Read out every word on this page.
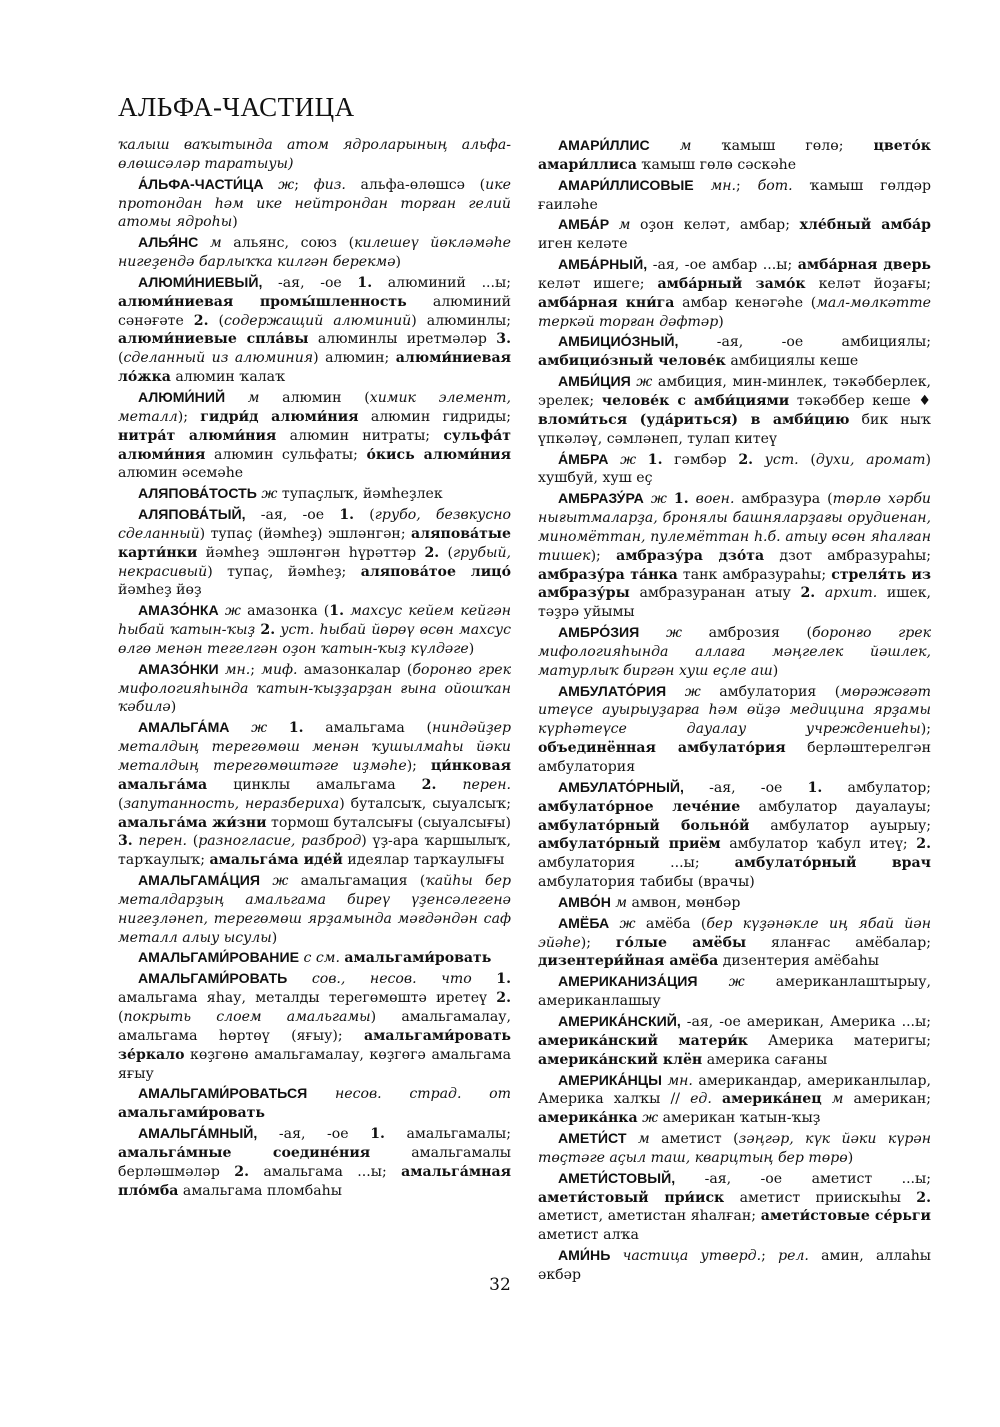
АЛЬФА-ЧАСТИЦА

ҡалыш ваҡытында атом ядроларының альфа-өлөшсәләр таратыуы)

А́ЛЬФА-ЧАСТИ́ЦА ж; физ. альфа-өлөшсә (ике протондан һәм ике нейтрондан торған гелий атомы ядроһы)

АЛЬЯ́НС м альянс, союз (килешеү йөкләмәһе нигеҙендә барлыҡҡа килгән берекмә)

АЛЮМИ́НИЕВЫЙ, -ая, -ое 1. алюминий ...ы; алюми́ниевая промы́шленность алюминий сәнәғәте 2. (содержащий алюминий) алюминлы; алюми́ниевые спла́вы алюминлы иретмәләр 3. (сделанный из алюминия) алюмин; алюми́ниевая ло́жка алюмин ҡалаҡ

АЛЮМИ́НИЙ м алюмин (химик элемент, металл); гидри́д алюми́ния алюмин гидриды; нитра́т алюми́ния алюмин нитраты; сульфа́т алюми́ния алюмин сульфаты; о́кись алюми́ния алюмин әсемәһе

АЛЯПОВА́ТОСТЬ ж тупаҫлыҡ, йәмһеҙлек

АЛЯПОВА́ТЫЙ, -ая, -ое 1. (грубо, безвкусно сделанный) тупаҫ (йәмһеҙ) эшләнгән; аляпова́тые карти́нки йәмһеҙ эшләнгән һүрәттәр 2. (грубый, некрасивый) тупаҫ, йәмһеҙ; аляпова́тое лицо́ йәмһеҙ йөҙ

АМАЗО́НКА ж амазонка (1. махсус кейем кейгән һыбай ҡатын-ҡыҙ 2. уст. һыбай йөрөү өсөн махсус өлгө менән тегелгән оҙон ҡатын-ҡыҙ күлдәге)

АМАЗО́НКИ мн.; миф. амазонкалар (боронғо грек мифологияһында ҡатын-ҡыҙҙарҙан ғына ойошҡан ҡәбилә)

АМАЛЬГА́МА ж 1. амальгама (ниндәйҙер металдың терегөмөш менән ҡушылмаһы йәки металдың терегөмөштәге иҙмәһе); ци́нковая амальга́ма цинклы амальгама 2. перен. (запутанность, неразбериха) буталсыҡ, сыуалсыҡ; амальга́ма жи́зни тормош буталсығы (сыуалсығы) 3. перен. (разногласие, разброд) үҙ-ара ҡаршылыҡ, тарҡаулыҡ; амальга́ма иде́й идеялар тарҡаулығы

АМАЛЬГАМА́ЦИЯ ж амальгамация (ҡайһы бер металдарҙың амальгама биреү үҙенсәлегенә нигеҙләнеп, терегөмөш ярҙамында мәғдәндән саф металл алыу ысулы)

АМАЛЬГАМИ́РОВАНИЕ с см. амальгами́ровать

АМАЛЬГАМИ́РОВАТЬ сов., несов. что 1. амальгама яһау, металды терегөмөштә иретеү 2. (покрыть слоем амальгамы) амальгамалау, амальгама һөртөү (яғыу); амальгами́ровать зе́ркало көҙгөнө амальгамалау, көҙгөгә амальгама яғыу

АМАЛЬГАМИ́РОВАТЬСЯ несов. страд. от амальгами́ровать

АМАЛЬГА́МНЫЙ, -ая, -ое 1. амальгамалы; амальга́мные соедине́ния амальгамалы берләшмәләр 2. амальгама ...ы; амальга́мная пло́мба амальгама пломбаһы

АМАРИ́ЛЛИС м ҡамыш гөлө; цвето́к амари́ллиса ҡамыш гөлө сәскәһе

АМАРИ́ЛЛИСОВЫЕ мн.; бот. ҡамыш гөлдәр ғаиләһе

АМБА́Р м оҙон келәт, амбар; хле́бный амба́р иген келәте

АМБА́РНЫЙ, -ая, -ое амбар ...ы; амба́рная дверь келәт ишеге; амба́рный замо́к келәт йоҙағы; амба́рная кни́га амбар кенәгәһе (мал-мөлкәтте теркәй торған дәфтәр)

АМБИЦИО́ЗНЫЙ, -ая, -ое амбициялы; амбицио́зный челове́к амбициялы кеше

АМБИ́ЦИЯ ж амбиция, мин-минлек, тәкәбберлек, эрелек; челове́к с амби́циями тәкәббер кеше ♦ вломи́ться (уда́риться) в амби́цию бик ныҡ үпкәләү, сәмләнеп, тулап китеү

А́МБРА ж 1. гәмбәр 2. уст. (духи, аромат) хушбуй, хуш еҫ

АМБРАЗУ́РА ж 1. воен. амбразура (төрлө хәрби нығытмаларҙа, бронялы башняларҙағы орудиенан, миномёттан, пулемёттан һ.б. атыу өсөн яһалған тишек); амбразу́ра дзо́та дзот амбразураһы; амбразу́ра та́нка танк амбразураһы; стреля́ть из амбразу́ры амбразуранан атыу 2. архит. ишек, тәҙрә уйымы

АМБРО́ЗИЯ ж амброзия (боронғо грек мифологияһында аллаға мәңгелек йәшлек, матурлыҡ биргән хуш еҫле аш)

АМБУЛАТО́РИЯ ж амбулатория (мөрәжәғәт итеүсе ауырыуҙарға һәм өйҙә медицина ярҙамы күрһәтеүсе дауалау учреждениеһы); объединённая амбулато́рия берләштерелгән амбулатория

АМБУЛАТО́РНЫЙ, -ая, -ое 1. амбулатор; амбулато́рное лече́ние амбулатор дауалауы; амбулато́рный больно́й амбулатор ауырыу; амбулато́рный приём амбулатор ҡабул итеү; 2. амбулатория ...ы; амбулато́рный врач амбулатория табибы (врачы)

АМВО́Н м амвон, мөнбәр

АМЁБА ж амёба (бер күҙәнәкле иң ябай йән эйәһе); го́лые амёбы яланғас амёбалар; дизентери́йная амёба дизентерия амёбаһы

АМЕРИКАНИЗА́ЦИЯ ж американлаштырыу, американлашыу

АМЕРИКА́НСКИЙ, -ая, -ое американ, Америка ...ы; америка́нский матери́к Америка материгы; америка́нский клён америка сағаны

АМЕРИКА́НЦЫ мн. американдар, американлылар, Америка халҡы // ед. америка́нец м американ; америка́нка ж американ ҡатын-ҡыҙ

АМЕТИ́СТ м аметист (зәңгәр, күк йәки күрән төҫтәге аҫыл таш, кварцтың бер төрө)

АМЕТИ́СТОВЫЙ, -ая, -ое аметист ...ы; амети́стовый при́иск аметист приискыһы 2. аметист, аметистан яһалған; амети́стовые се́рьги аметист алҡа

АМИ́НЬ частица утверд.; рел. амин, аллаһы әкбәр

32
